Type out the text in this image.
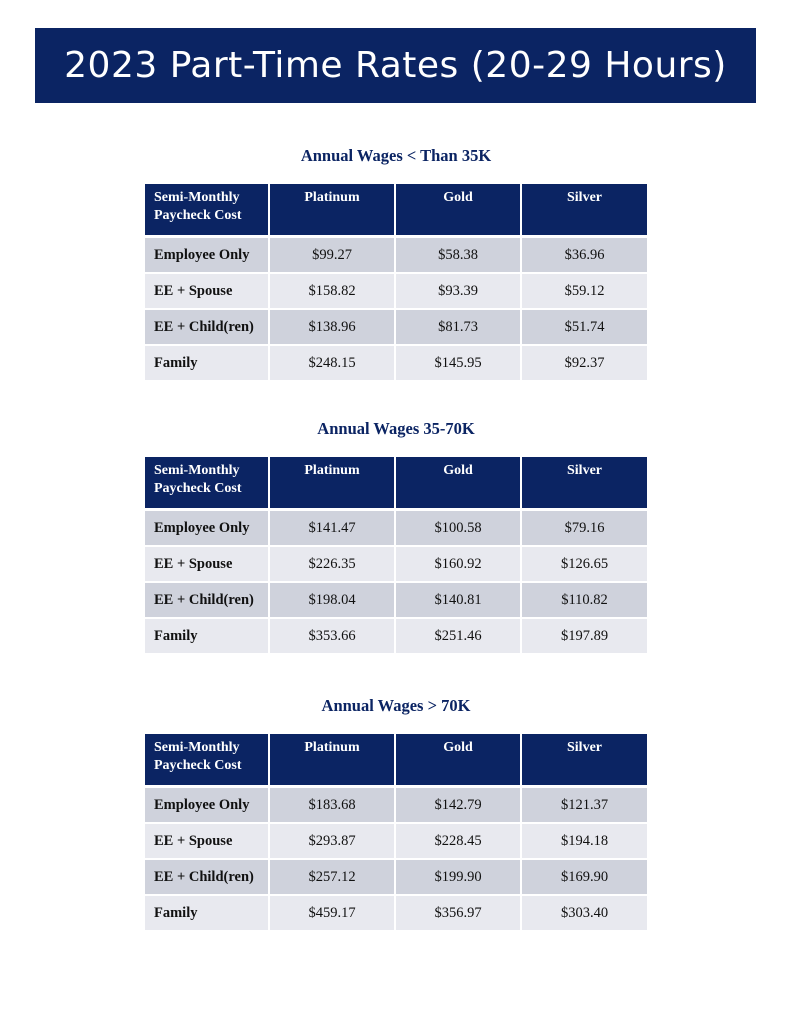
2023 Part-Time Rates (20-29 Hours)
Annual Wages < Than 35K
Semi-Monthly
Paycheck Cost	Platinum	Gold	Silver
Employee Only	$99.27	$58.38	$36.96
EE + Spouse	$158.82	$93.39	$59.12
EE + Child(ren)	$138.96	$81.73	$51.74
Family	$248.15	$145.95	$92.37
Annual Wages 35-70K
Semi-Monthly
Paycheck Cost	Platinum	Gold	Silver
Employee Only	$141.47	$100.58	$79.16
EE + Spouse	$226.35	$160.92	$126.65
EE + Child(ren)	$198.04	$140.81	$110.82
Family	$353.66	$251.46	$197.89
Annual Wages > 70K
Semi-Monthly
Paycheck Cost	Platinum	Gold	Silver
Employee Only	$183.68	$142.79	$121.37
EE + Spouse	$293.87	$228.45	$194.18
EE + Child(ren)	$257.12	$199.90	$169.90
Family	$459.17	$356.97	$303.40
